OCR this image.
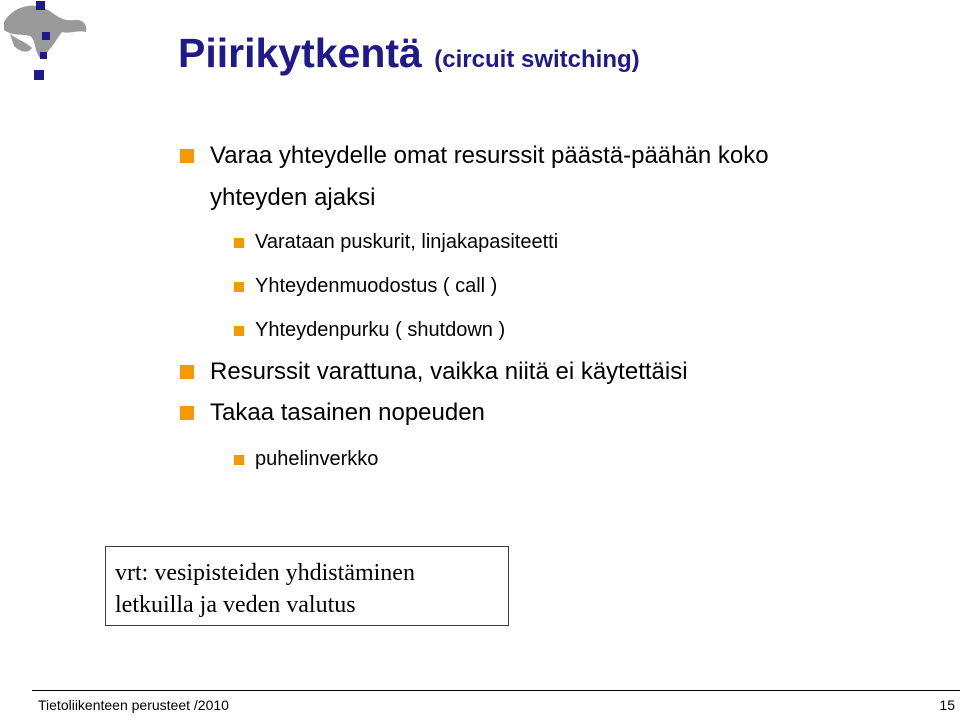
Piirikytkentä (circuit switching)
Varaa yhteydelle omat resurssit päästä-päähän koko
yhteyden ajaksi
Varataan puskurit, linjakapasiteetti
Yhteydenmuodostus ( call )
Yhteydenpurku ( shutdown )
Resurssit varattuna, vaikka niitä ei käytettäisi
Takaa tasainen nopeuden
puhelinverkko
vrt: vesipisteiden yhdistäminen
letkuilla ja veden valutus
Tietoliikenteen perusteet /2010	15
